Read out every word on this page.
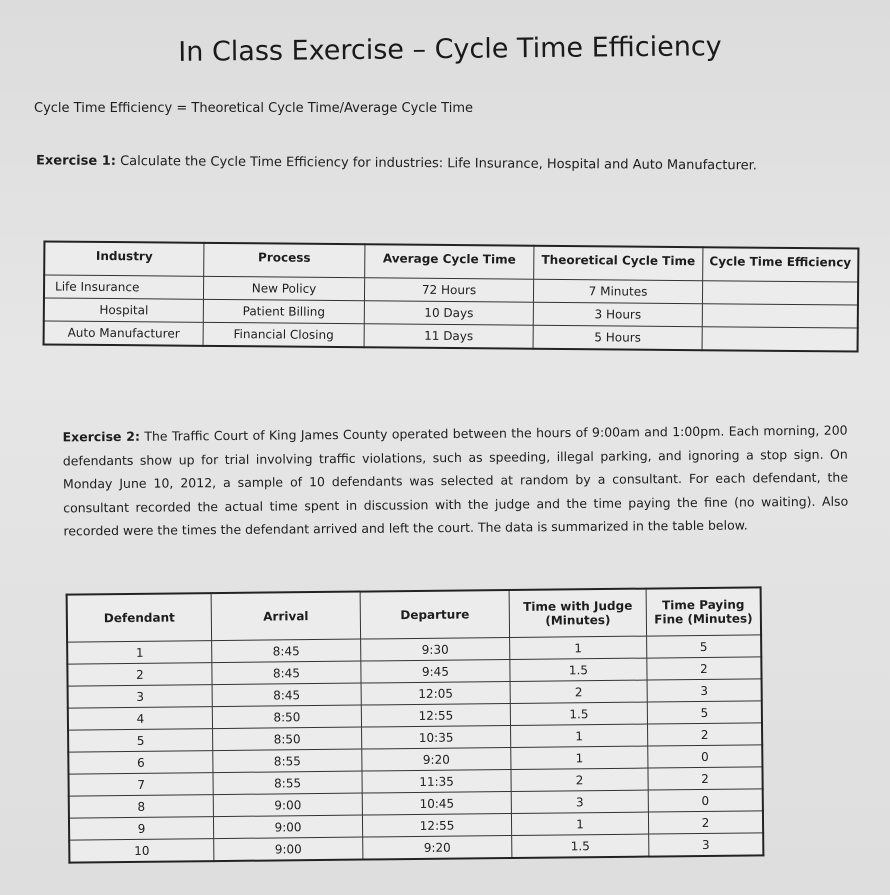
In Class Exercise – Cycle Time Efficiency
Cycle Time Efficiency = Theoretical Cycle Time/Average Cycle Time
Exercise 1: Calculate the Cycle Time Efficiency for industries: Life Insurance, Hospital and Auto Manufacturer.
Industry	Process	Average Cycle Time	Theoretical Cycle Time	Cycle Time Efficiency
Life Insurance	New Policy	72 Hours	7 Minutes	
Hospital	Patient Billing	10 Days	3 Hours	
Auto Manufacturer	Financial Closing	11 Days	5 Hours	
Exercise 2: The Traffic Court of King James County operated between the hours of 9:00am and 1:00pm. Each morning, 200 defendants show up for trial involving traffic violations, such as speeding, illegal parking, and ignoring a stop sign. On Monday June 10, 2012, a sample of 10 defendants was selected at random by a consultant. For each defendant, the consultant recorded the actual time spent in discussion with the judge and the time paying the fine (no waiting). Also recorded were the times the defendant arrived and left the court. The data is summarized in the table below.
Defendant	Arrival	Departure	Time with Judge (Minutes)	Time Paying Fine (Minutes)
1	8:45	9:30	1	5
2	8:45	9:45	1.5	2
3	8:45	12:05	2	3
4	8:50	12:55	1.5	5
5	8:50	10:35	1	2
6	8:55	9:20	1	0
7	8:55	11:35	2	2
8	9:00	10:45	3	0
9	9:00	12:55	1	2
10	9:00	9:20	1.5	3
